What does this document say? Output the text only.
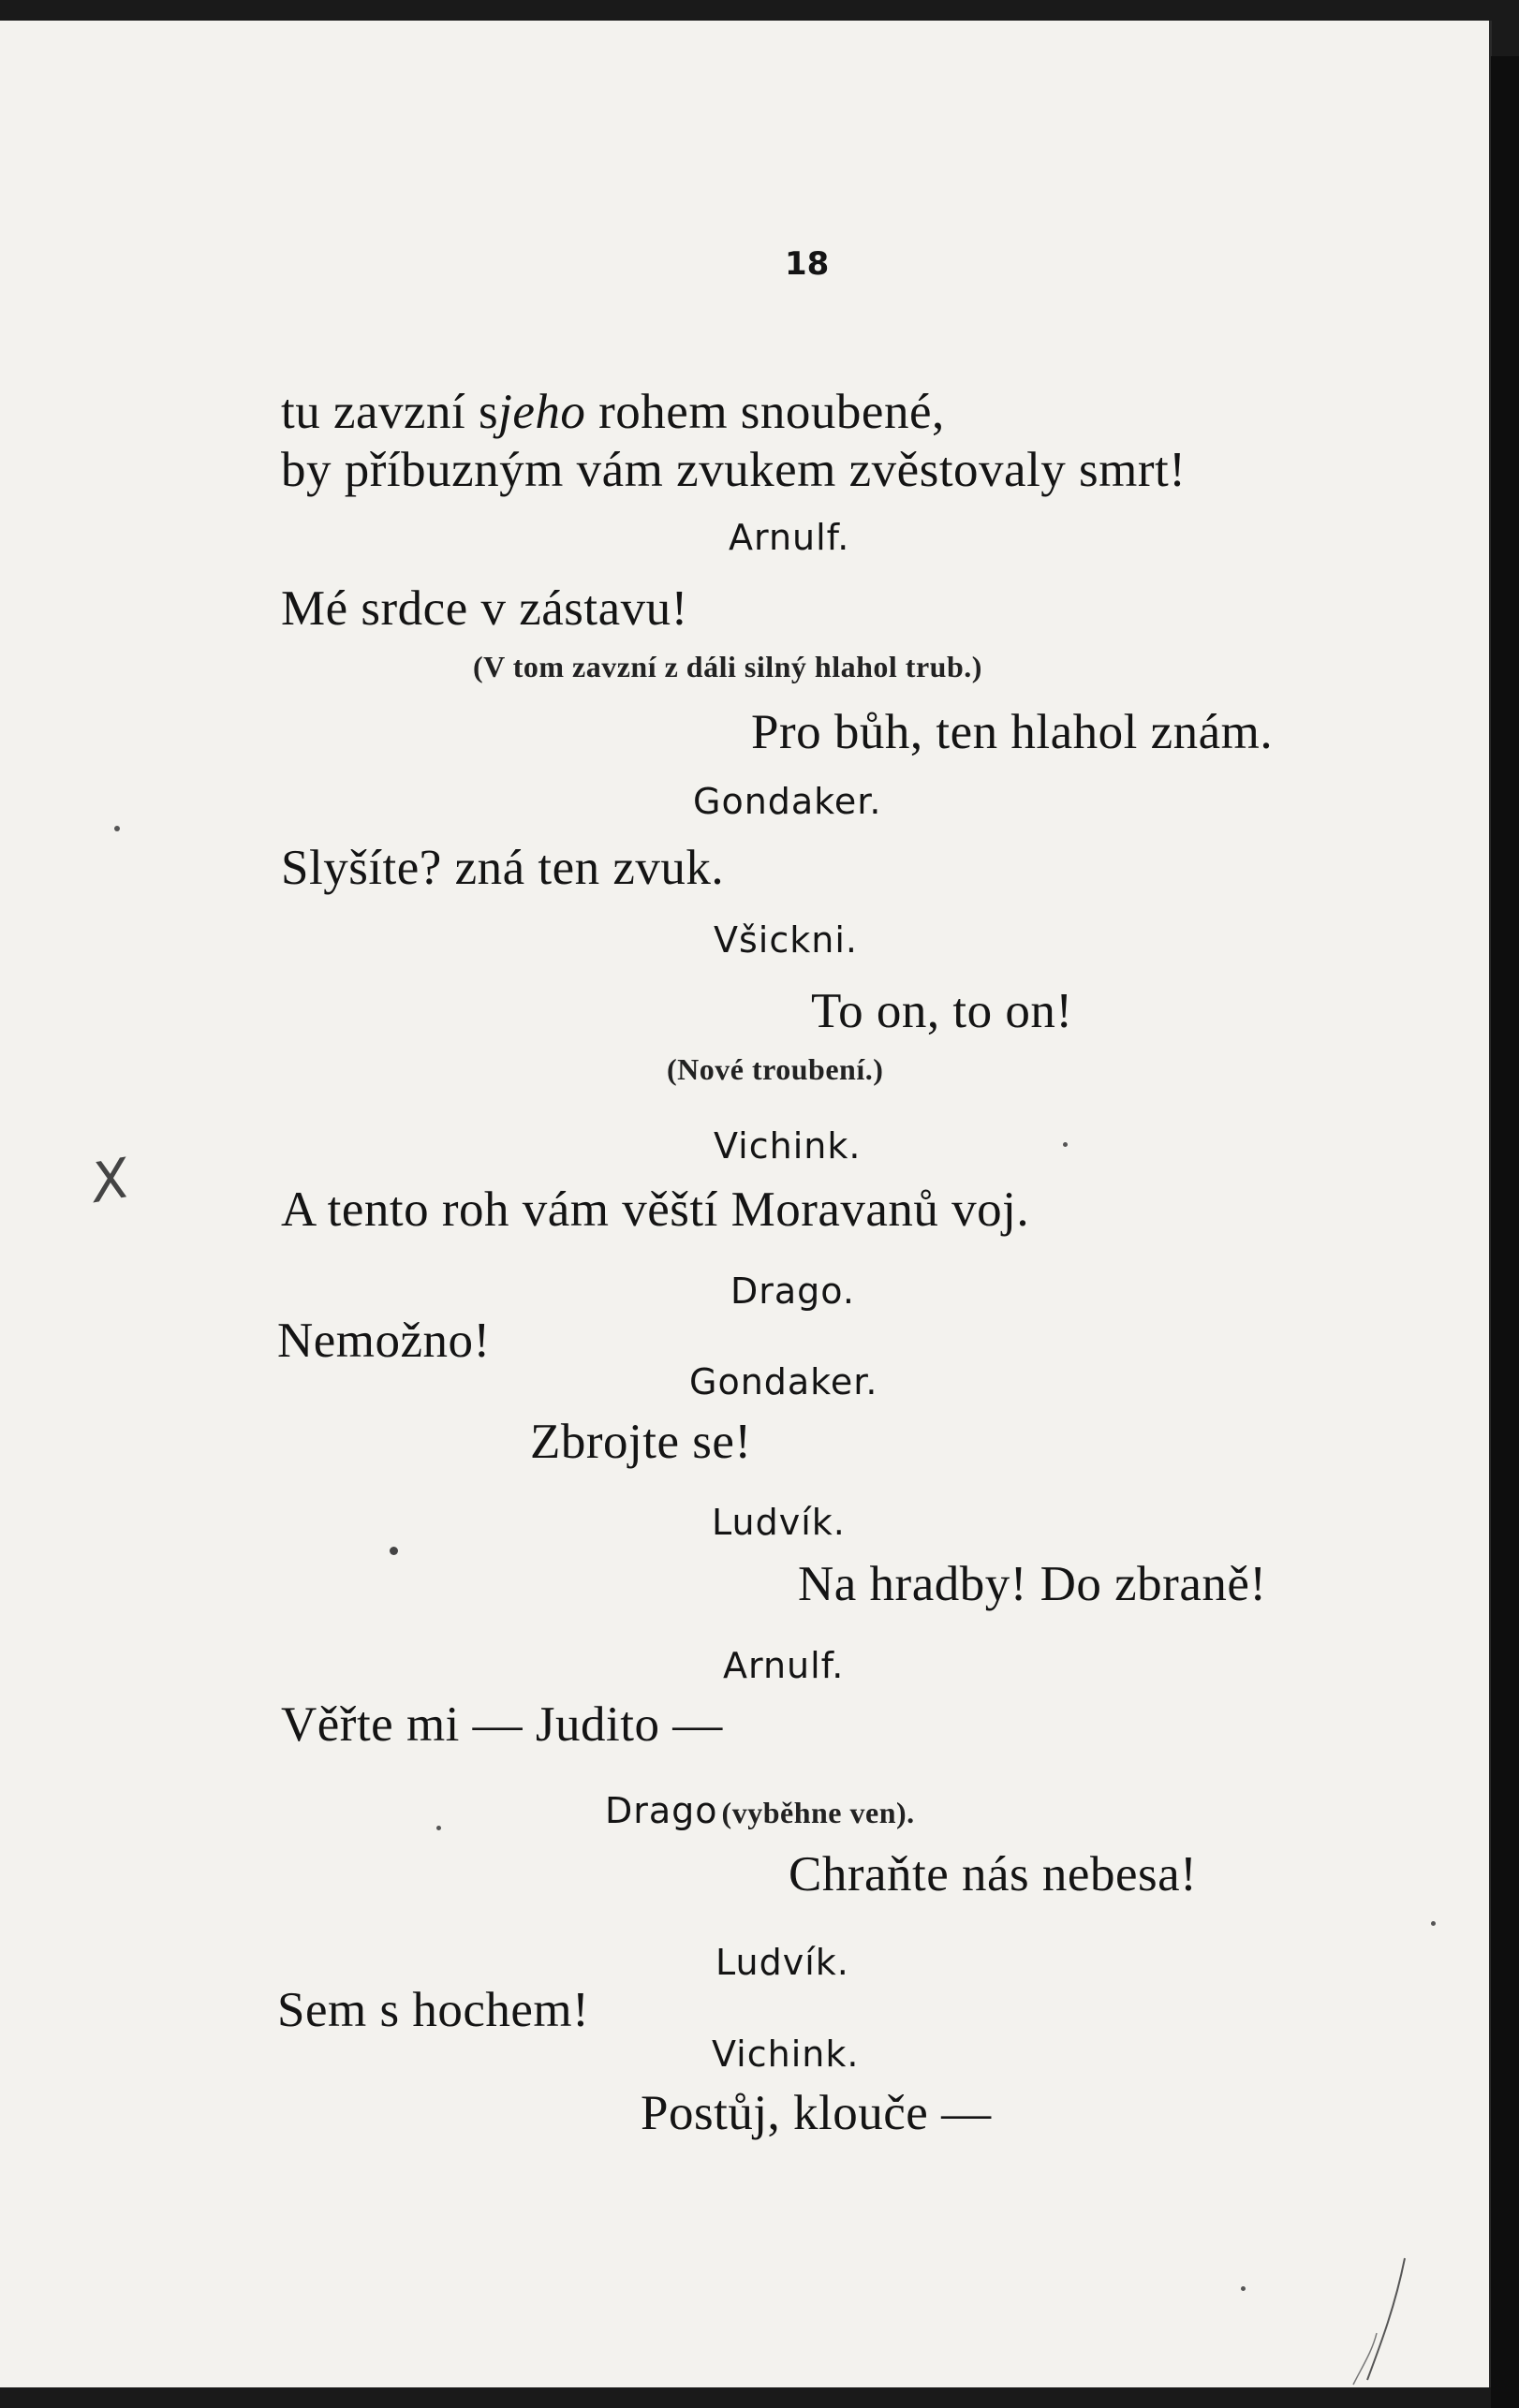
18
tu zavzní sjeho rohem snoubené,
by příbuzným vám zvukem zvěstovaly smrt!
Arnulf.
Mé srdce v zástavu!
(V tom zavzní z dáli silný hlahol trub.)
Pro bůh, ten hlahol znám.
Gondaker.
Slyšíte? zná ten zvuk.
Všickni.
To on, to on!
(Nové troubení.)
Vichink.
A tento roh vám věští Moravanů voj.
Drago.
Nemožno!
Gondaker.
Zbrojte se!
Ludvík.
Na hradby! Do zbraně!
Arnulf.
Věřte mi — Judito —
Drago (vyběhne ven).
Chraňte nás nebesa!
Ludvík.
Sem s hochem!
Vichink.
Postůj, klouče —
X
